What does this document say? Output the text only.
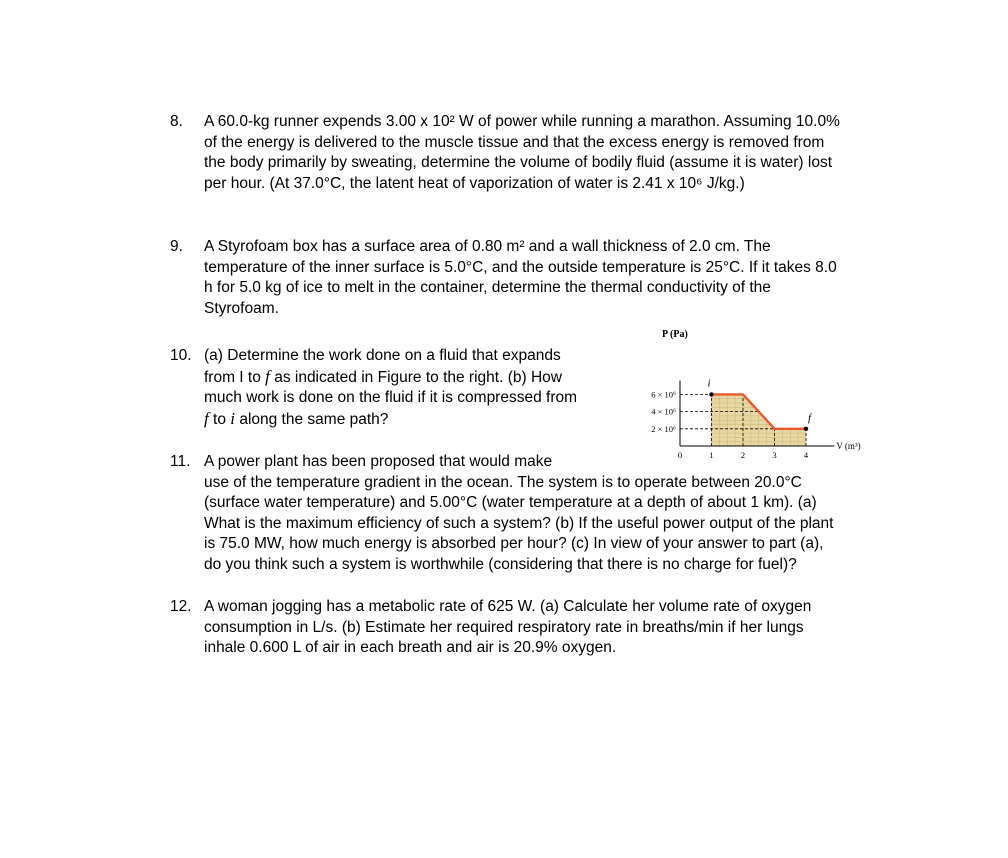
8. A 60.0-kg runner expends 3.00 x 10² W of power while running a marathon. Assuming 10.0%
of the energy is delivered to the muscle tissue and that the excess energy is removed from
the body primarily by sweating, determine the volume of bodily fluid (assume it is water) lost
per hour. (At 37.0°C, the latent heat of vaporization of water is 2.41 x 10⁶ J/kg.)
9. A Styrofoam box has a surface area of 0.80 m² and a wall thickness of 2.0 cm. The
temperature of the inner surface is 5.0°C, and the outside temperature is 25°C. If it takes 8.0
h for 5.0 kg of ice to melt in the container, determine the thermal conductivity of the
Styrofoam.
10. (a) Determine the work done on a fluid that expands
from I to f as indicated in Figure to the right. (b) How
much work is done on the fluid if it is compressed from
f to i along the same path?
11. A power plant has been proposed that would make
use of the temperature gradient in the ocean. The system is to operate between 20.0°C
(surface water temperature) and 5.00°C (water temperature at a depth of about 1 km). (a)
What is the maximum efficiency of such a system? (b) If the useful power output of the plant
is 75.0 MW, how much energy is absorbed per hour? (c) In view of your answer to part (a),
do you think such a system is worthwhile (considering that there is no charge for fuel)?
12. A woman jogging has a metabolic rate of 625 W. (a) Calculate her volume rate of oxygen
consumption in L/s. (b) Estimate her required respiratory rate in breaths/min if her lungs
inhale 0.600 L of air in each breath and air is 20.9% oxygen.
P (Pa)
V (m³)
6 × 10⁶
4 × 10⁶
2 × 10⁶
0	1	2	3	4
i
f
